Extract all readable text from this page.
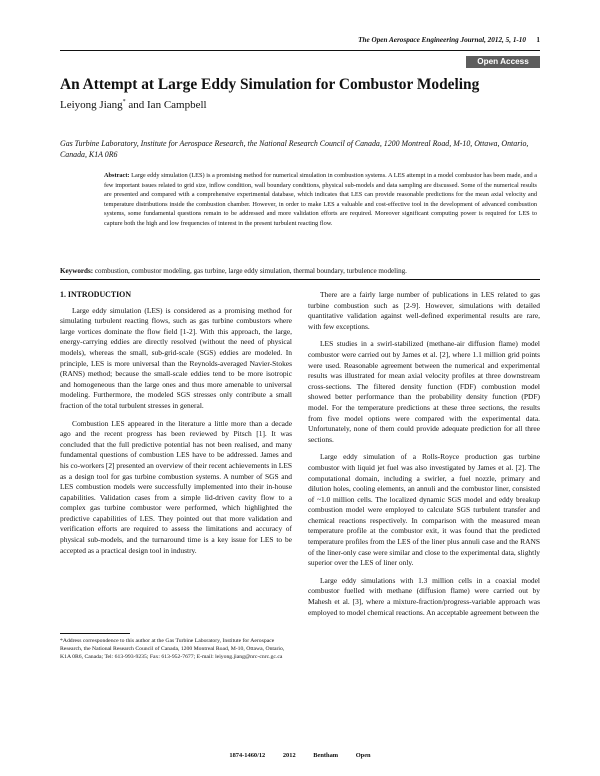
The Open Aerospace Engineering Journal, 2012, 5, 1-10 1
Open Access
An Attempt at Large Eddy Simulation for Combustor Modeling
Leiyong Jiang* and Ian Campbell
Gas Turbine Laboratory, Institute for Aerospace Research, the National Research Council of Canada, 1200 Montreal Road, M-10, Ottawa, Ontario, Canada, K1A 0R6
Abstract: Large eddy simulation (LES) is a promising method for numerical simulation in combustion systems. A LES attempt in a model combustor has been made, and a few important issues related to grid size, inflow condition, wall boundary conditions, physical sub-models and data sampling are discussed. Some of the numerical results are presented and compared with a comprehensive experimental database, which indicates that LES can provide reasonable predictions for the mean axial velocity and temperature distributions inside the combustion chamber. However, in order to make LES a valuable and cost-effective tool in the development of advanced combustion systems, some fundamental questions remain to be addressed and more validation efforts are required. Moreover significant computing power is required for LES to capture both the high and low frequencies of interest in the present turbulent reacting flow.
Keywords: combustion, combustor modeling, gas turbine, large eddy simulation, thermal boundary, turbulence modeling.
1. INTRODUCTION

Large eddy simulation (LES) is considered as a promising method for simulating turbulent reacting flows, such as gas turbine combustors where large vortices dominate the flow field [1-2]. With this approach, the large, energy-carrying eddies are directly resolved (without the need of physical models), whereas the small, sub-grid-scale (SGS) eddies are modeled. In principle, LES is more universal than the Reynolds-averaged Navier-Stokes (RANS) method; because the small-scale eddies tend to be more isotropic and homogeneous than the large ones and thus more amenable to universal modeling. Furthermore, the modeled SGS stresses only contribute a small fraction of the total turbulent stresses in general.

Combustion LES appeared in the literature a little more than a decade ago and the recent progress has been reviewed by Pitsch [1]. It was concluded that the full predictive potential has not been realised, and many fundamental questions of combustion LES have to be addressed. James and his co-workers [2] presented an overview of their recent achievements in LES as a design tool for gas turbine combustion systems. A number of SGS and LES combustion models were successfully implemented into their in-house capabilities. Validation cases from a simple lid-driven cavity flow to a complex gas turbine combustor were performed, which highlighted the predictive capabilities of LES. They pointed out that more validation and verification efforts are required to assess the limitations and accuracy of physical sub-models, and the turnaround time is a key issue for LES to be accepted as a practical design tool in industry.

There are a fairly large number of publications in LES related to gas turbine combustion such as [2-9]. However, simulations with detailed quantitative validation against well-defined experimental results are rare, with few exceptions.

LES studies in a swirl-stabilized (methane-air diffusion flame) model combustor were carried out by James et al. [2], where 1.1 million grid points were used. Reasonable agreement between the numerical and experimental results was illustrated for mean axial velocity profiles at three downstream cross-sections. The filtered density function (FDF) combustion model showed better performance than the probability density function (PDF) model. For the temperature predictions at these three sections, the results from five model options were compared with the experimental data. Unfortunately, none of them could provide adequate prediction for all three sections.

Large eddy simulation of a Rolls-Royce production gas turbine combustor with liquid jet fuel was also investigated by James et al. [2]. The computational domain, including a swirler, a fuel nozzle, primary and dilution holes, cooling elements, an annuli and the combustor liner, consisted of ~1.0 million cells. The localized dynamic SGS model and eddy breakup combustion model were employed to calculate SGS turbulent transfer and chemical reactions respectively. In comparison with the measured mean temperature profile at the combustor exit, it was found that the predicted temperature profiles from the LES of the liner plus annuli case and the RANS of the liner-only case were similar and close to the experimental data, slightly superior over the LES of liner only.

Large eddy simulations with 1.3 million cells in a coaxial model combustor fuelled with methane (diffusion flame) were carried out by Mahesh et al. [3], where a mixture-fraction/progress-variable approach was employed to model chemical reactions. An acceptable agreement between the

*Address correspondence to this author at the Gas Turbine Laboratory, Institute for Aerospace Research, the National Research Council of Canada, 1200 Montreal Road, M-10, Ottawa, Ontario, K1A 0R6, Canada; Tel: 613-993-9235; Fax: 613-952-7677; E-mail: leiyong.jiang@nrc-cnrc.gc.ca
1874-1460/12	2012 Bentham Open
